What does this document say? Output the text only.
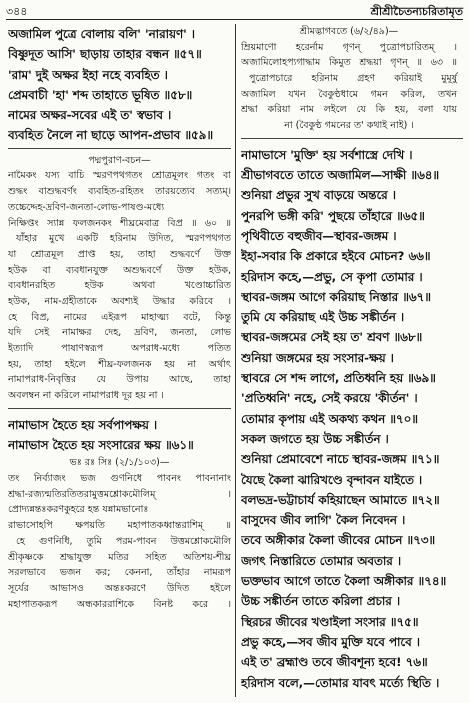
৩৪৪	শ্রীশ্রীচৈতন্যচরিতামৃত
অজামিল পুত্রে বোলায় বলি' 'নারায়ণ' ।
বিষ্ণুদূত আসি' ছাড়ায় তাহার বন্ধন ॥৫৭॥
'রাম' দুই অক্ষর ইহা নহে ব্যবহিত ।
প্রেমবাচী 'হা' শব্দ তাহাতে ভূষিত ॥৫৮॥
নামের অক্ষর-সবের এই ত' স্বভাব ।
ব্যবহিত নৈলে না ছাড়ে আপন-প্রভাব ॥৫৯॥
পদ্মপুরাণ-বচন—
নামৈকং যস্য বাচি স্মরণপথগতং শ্রোত্রমূলং গতং বা
শুদ্ধং বাশুদ্ধবর্ণং ব্যবহিত-রহিতং তারয়ত্যেব সত্যম্।
তচ্চেদ্দেহ-দ্রবিণ-জনতা-লোভ-পাষণ্ড-মধ্যে
নিক্ষিপ্তং স্যান্ন ফলজনকং শীঘ্রমেবাত্র বিপ্র ॥ ৬০ ॥
যাঁহার মুখে একটি হরিনাম উদিত, স্মরণপথগত
যা শ্রোত্রমূল প্রাপ্ত হয়, তাহা শুদ্ধবর্ণে উক্ত
হউক বা ব্যবধানযুক্ত অশুদ্ধবর্ণে উক্ত হউক,
ব্যবধানরহিত হউক অথবা খণ্ডোচ্চারিত
হউক, নাম-গ্রহীতাকে অবশ্যই উদ্ধার করিবে ।
হে বিপ্র, নামের এইরূপ মাহাত্ম্য বটে, কিন্তু
যদি সেই নামাক্ষর দেহ, দ্রবিণ, জনতা, লোভ
ইত্যাদি পাষাণস্বরূপ অপরাধ-মধ্যে পতিত
হয়, তাহা হইলে শীঘ্র-ফলজনক হয় না অর্থাৎ
নামাপরাধ-নিবৃত্তির যে উপায় আছে, তাহা
অবলম্বন না করিলে নামাপরাধ দূর হয় না ।
নামাভাস হৈতে হয় সর্বপাপক্ষয় ।
নামাভাস হৈতে হয় সংসারের ক্ষয় ॥৬১॥
ভঃ রঃ সিঃ (২/১/১০৩)—
তং নির্ব্যাজং ভজ গুণনিধে পাবনং পাবনানাং
শ্রদ্ধা-রজ্যন্মতিরতিতরামুত্তমশ্লোকমৌলিম্ ।
প্রোদ্যন্নন্তঃকরণকুহরে হন্ত যন্নামভানোঃ
রাভাসোহপি ক্ষপয়তি মহাপাতকধ্বান্তরাশিম্ ॥
হে গুণনিধি, তুমি পরম-পাবন উত্তমশ্লোকমৌলি
শ্রীকৃষ্ণকে শ্রদ্ধাযুক্ত মতির সহিত অতিশয়-শীঘ্র
সরলভাবে ভজন কর; কেননা, তাঁহার নামরূপ
সূর্যের আভাসও অন্তঃকরণে উদিত হইলে
মহাপাতকরূপ অন্ধকাররাশিকে বিনষ্ট করে ।
শ্রীমদ্ভাগবতে (৬/২/৪৯)—
ম্রিয়মাণো হরের্নাম গৃণন্ পুত্রোপচারিতম্ ।
অজামিলোহপ্যগাদ্ধাম কিমুত শ্রদ্ধয়া গৃণন্ ॥ ৬৩ ॥
পুত্রোপচারে হরিনাম গ্রহণ করিয়াই মুমূর্ষু
অজামিল যখন বৈকুণ্ঠধামে গমন করিল, তখন
শ্রদ্ধা করিয়া নাম লইলে যে কি হয়, বলা যায়
না (বৈকুণ্ঠ গমনের ত' কথাই নাই) ।
নামাভাসে 'মুক্তি' হয় সর্বশাস্ত্রে দেখি ।
শ্রীভাগবতে তাতে অজামিল—সাক্ষী ॥৬৪॥
শুনিয়া প্রভুর সুখ বাড়য়ে অন্তরে ।
পুনরপি ভঙ্গী করি' পুছয়ে তাঁহারে ॥৬৫॥
পৃথিবীতে বহুজীব—স্থাবর-জঙ্গম ।
ইহা-সবার কি প্রকারে হইবে মোচন? ৬৬॥
হরিদাস কহে,—প্রভু, সে কৃপা তোমার ।
স্থাবর-জঙ্গম আগে করিয়াছ নিস্তার ॥৬৭॥
তুমি যে করিয়াছ এই উচ্চ সঙ্কীর্তন ।
স্থাবর-জঙ্গমের সেই হয় ত' শ্রবণ ॥৬৮॥
শুনিয়া জঙ্গমের হয় সংসার-ক্ষয় ।
স্থাবরে সে শব্দ লাগে, প্রতিধ্বনি হয় ॥৬৯॥
'প্রতিধ্বনি' নহে, সেই করয়ে 'কীর্তন' ।
তোমার কৃপায় এই অকথ্য কথন ॥৭০॥
সকল জগতে হয় উচ্চ সঙ্কীর্তন ।
শুনিয়া প্রেমাবেশে নাচে স্থাবর-জঙ্গম ॥৭১॥
যৈছে কৈলা ঝারিখণ্ডে বৃন্দাবন যাইতে ।
বলভদ্র-ভট্টাচার্য কহিয়াছেন আমাতে ॥৭২॥
বাসুদেব জীব লাগি' কৈল নিবেদন ।
তবে অঙ্গীকার কৈলা জীবের মোচন ॥৭৩॥
জগৎ নিস্তারিতে তোমার অবতার ।
ভক্তভাব আগে তাতে কৈলা অঙ্গীকার ॥৭৪॥
উচ্চ সঙ্কীর্তন তাতে করিলা প্রচার ।
স্থিরচর জীবের খণ্ডাইলা সংসার ॥৭৫॥
প্রভু কহে,—সব জীব মুক্তি যবে পাবে ।
এই ত' ব্রহ্মাণ্ড তবে জীবশূন্য হবে! ৭৬॥
হরিদাস বলে,—তোমার যাবৎ মর্ত্যে স্থিতি ।
